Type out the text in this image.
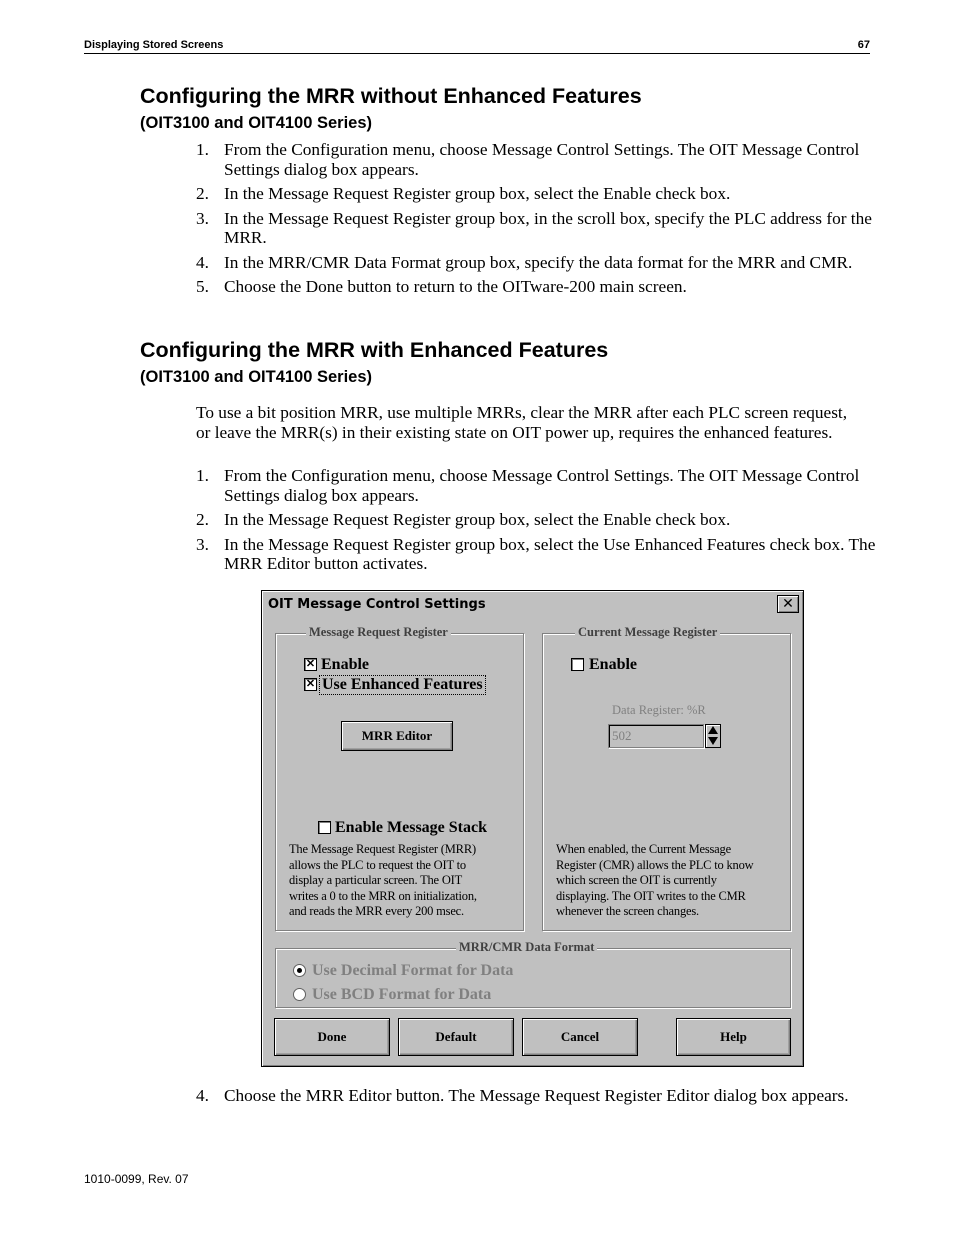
Displaying Stored Screens	67
Configuring the MRR without Enhanced Features
(OIT3100 and OIT4100 Series)
1. From the Configuration menu, choose Message Control Settings. The OIT Message Control Settings dialog box appears.
2. In the Message Request Register group box, select the Enable check box.
3. In the Message Request Register group box, in the scroll box, specify the PLC address for the MRR.
4. In the MRR/CMR Data Format group box, specify the data format for the MRR and CMR.
5. Choose the Done button to return to the OITware-200 main screen.
Configuring the MRR with Enhanced Features
(OIT3100 and OIT4100 Series)
To use a bit position MRR, use multiple MRRs, clear the MRR after each PLC screen request, or leave the MRR(s) in their existing state on OIT power up, requires the enhanced features.
1. From the Configuration menu, choose Message Control Settings. The OIT Message Control Settings dialog box appears.
2. In the Message Request Register group box, select the Enable check box.
3. In the Message Request Register group box, select the Use Enhanced Features check box. The MRR Editor button activates.
OIT Message Control Settings	✕
Message Request Register
✕ Enable
✕ Use Enhanced Features
MRR Editor
Enable Message Stack
The Message Request Register (MRR)
allows the PLC to request the OIT to
display a particular screen. The OIT
writes a 0 to the MRR on initialization,
and reads the MRR every 200 msec.
Current Message Register
Enable
Data Register: %R
502
When enabled, the Current Message
Register (CMR) allows the PLC to know
which screen the OIT is currently
displaying. The OIT writes to the CMR
whenever the screen changes.
MRR/CMR Data Format
Use Decimal Format for Data
Use BCD Format for Data
Done	Default	Cancel	Help
4. Choose the MRR Editor button. The Message Request Register Editor dialog box appears.
1010-0099, Rev. 07
